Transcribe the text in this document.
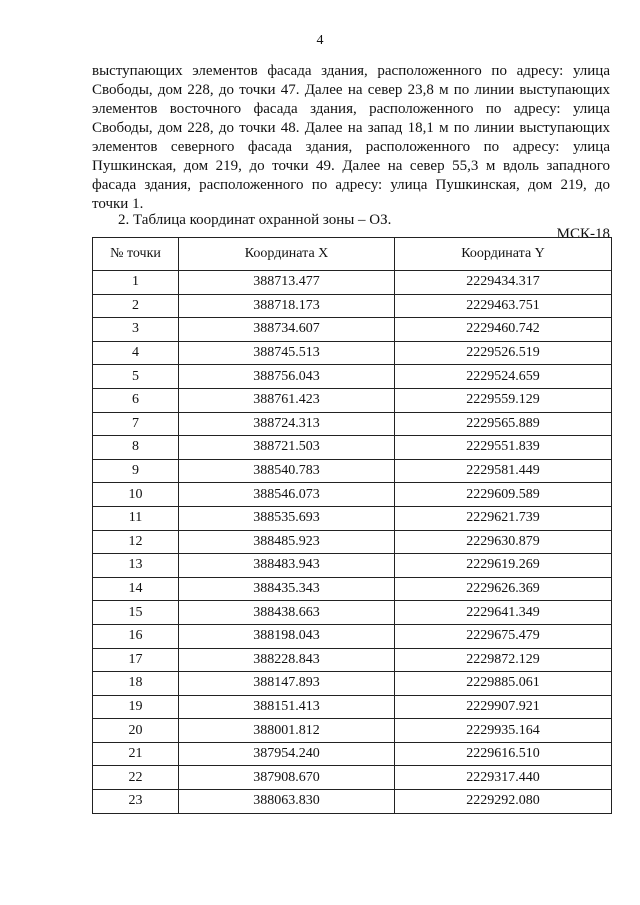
4
выступающих элементов фасада здания, расположенного по адресу: улица Свободы, дом 228, до точки 47. Далее на север 23,8 м по линии выступающих элементов восточного фасада здания, расположенного по адресу: улица Свободы, дом 228, до точки 48. Далее на запад 18,1 м по линии выступающих элементов северного фасада здания, расположенного по адресу: улица Пушкинская, дом 219, до точки 49. Далее на север 55,3 м вдоль западного фасада здания, расположенного по адресу: улица Пушкинская, дом 219, до точки 1.
2. Таблица координат охранной зоны – ОЗ.
МСК-18
№ точки	Координата X	Координата Y
1	388713.477	2229434.317
2	388718.173	2229463.751
3	388734.607	2229460.742
4	388745.513	2229526.519
5	388756.043	2229524.659
6	388761.423	2229559.129
7	388724.313	2229565.889
8	388721.503	2229551.839
9	388540.783	2229581.449
10	388546.073	2229609.589
11	388535.693	2229621.739
12	388485.923	2229630.879
13	388483.943	2229619.269
14	388435.343	2229626.369
15	388438.663	2229641.349
16	388198.043	2229675.479
17	388228.843	2229872.129
18	388147.893	2229885.061
19	388151.413	2229907.921
20	388001.812	2229935.164
21	387954.240	2229616.510
22	387908.670	2229317.440
23	388063.830	2229292.080
